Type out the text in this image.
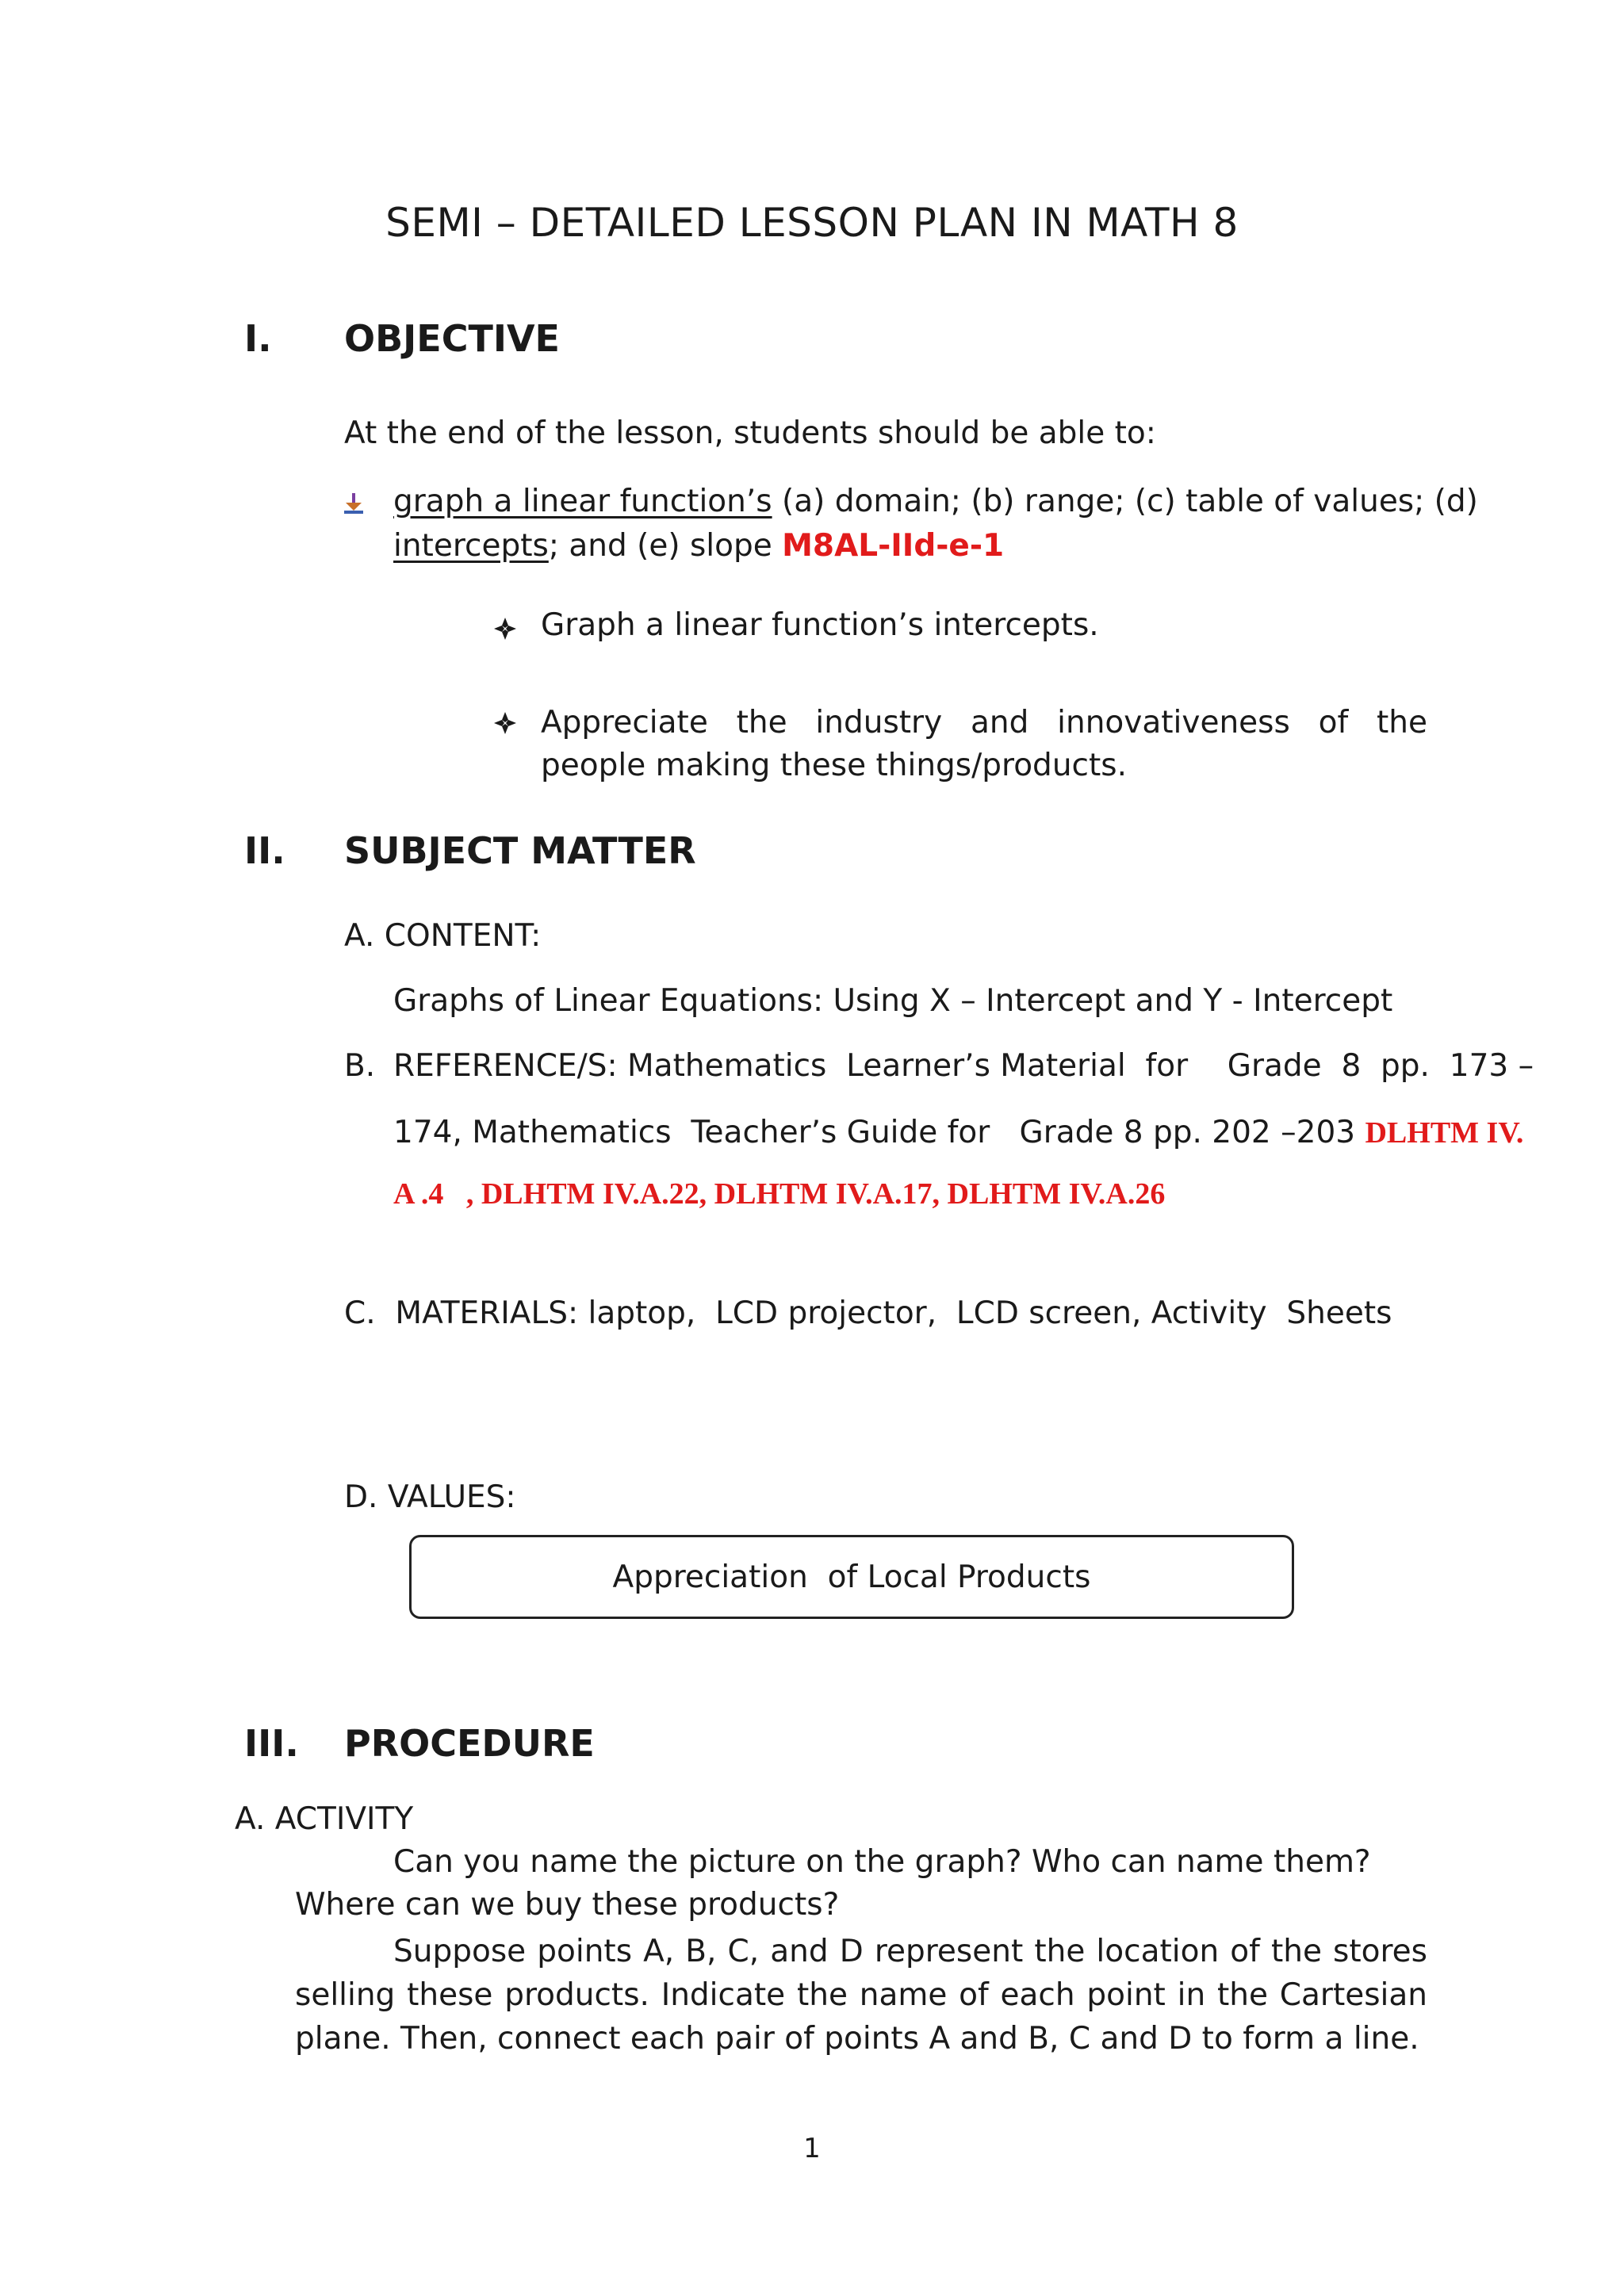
SEMI – DETAILED LESSON PLAN IN MATH 8
I. OBJECTIVE
At the end of the lesson, students should be able to:
graph a linear function’s (a) domain; (b) range; (c) table of values; (d)
intercepts; and (e) slope M8AL-IId-e-1
Graph a linear function’s intercepts.
Appreciate the industry and innovativeness of the people making these things/products.
II. SUBJECT MATTER
A. CONTENT:
Graphs of Linear Equations: Using X – Intercept and Y - Intercept
B. REFERENCE/S: Mathematics  Learner’s Material  for    Grade  8  pp.  173 –
174, Mathematics  Teacher’s Guide for   Grade 8 pp. 202 –203 DLHTM IV.
A .4   , DLHTM IV.A.22, DLHTM IV.A.17, DLHTM IV.A.26
C.  MATERIALS: laptop,  LCD projector,  LCD screen, Activity  Sheets
D. VALUES:
Appreciation  of Local Products
III. PROCEDURE
A. ACTIVITY
Can you name the picture on the graph? Who can name them?
Where can we buy these products?
Suppose points A, B, C, and D represent the location of the stores selling these products. Indicate the name of each point in the Cartesian plane. Then, connect each pair of points A and B, C and D to form a line.
1
